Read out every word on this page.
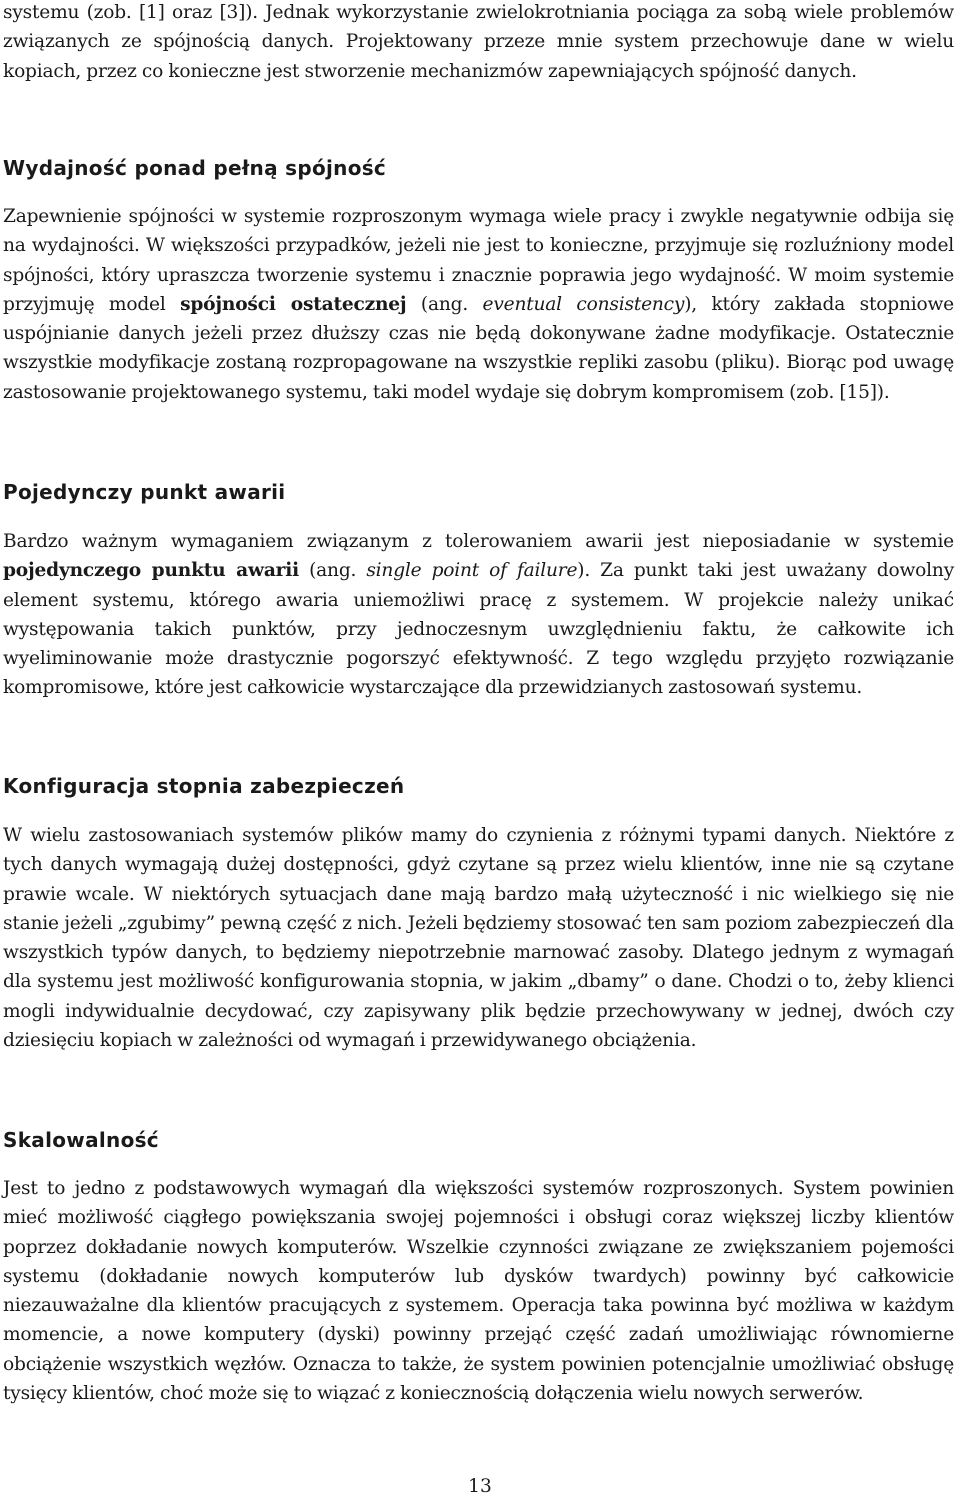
systemu (zob. [1] oraz [3]). Jednak wykorzystanie zwielokrotniania pociąga za sobą wiele problemów związanych ze spójnością danych. Projektowany przeze mnie system przechowuje dane w wielu kopiach, przez co konieczne jest stworzenie mechanizmów zapewniających spójność danych.

Wydajność ponad pełną spójność

Zapewnienie spójności w systemie rozproszonym wymaga wiele pracy i zwykle negatywnie odbija się na wydajności. W większości przypadków, jeżeli nie jest to konieczne, przyjmuje się rozluźniony model spójności, który upraszcza tworzenie systemu i znacznie poprawia jego wydajność. W moim systemie przyjmuję model spójności ostatecznej (ang. eventual consistency), który zakłada stopniowe uspójnianie danych jeżeli przez dłuższy czas nie będą dokonywane żadne modyfikacje. Ostatecznie wszystkie modyfikacje zostaną rozpropagowane na wszystkie repliki zasobu (pliku). Biorąc pod uwagę zastosowanie projektowanego systemu, taki model wydaje się dobrym kompromisem (zob. [15]).

Pojedynczy punkt awarii

Bardzo ważnym wymaganiem związanym z tolerowaniem awarii jest nieposiadanie w systemie pojedynczego punktu awarii (ang. single point of failure). Za punkt taki jest uważany dowolny element systemu, którego awaria uniemożliwi pracę z systemem. W projekcie należy unikać występowania takich punktów, przy jednoczesnym uwzględnieniu faktu, że całkowite ich wyeliminowanie może drastycznie pogorszyć efektywność. Z tego względu przyjęto rozwiązanie kompromisowe, które jest całkowicie wystarczające dla przewidzianych zastosowań systemu.

Konfiguracja stopnia zabezpieczeń

W wielu zastosowaniach systemów plików mamy do czynienia z różnymi typami danych. Niektóre z tych danych wymagają dużej dostępności, gdyż czytane są przez wielu klientów, inne nie są czytane prawie wcale. W niektórych sytuacjach dane mają bardzo małą użyteczność i nic wielkiego się nie stanie jeżeli „zgubimy” pewną część z nich. Jeżeli będziemy stosować ten sam poziom zabezpieczeń dla wszystkich typów danych, to będziemy niepotrzebnie marnować zasoby. Dlatego jednym z wymagań dla systemu jest możliwość konfigurowania stopnia, w jakim „dbamy” o dane. Chodzi o to, żeby klienci mogli indywidualnie decydować, czy zapisywany plik będzie przechowywany w jednej, dwóch czy dziesięciu kopiach w zależności od wymagań i przewidywanego obciążenia.

Skalowalność

Jest to jedno z podstawowych wymagań dla większości systemów rozproszonych. System powinien mieć możliwość ciągłego powiększania swojej pojemności i obsługi coraz większej liczby klientów poprzez dokładanie nowych komputerów. Wszelkie czynności związane ze zwiększaniem pojemości systemu (dokładanie nowych komputerów lub dysków twardych) powinny być całkowicie niezauważalne dla klientów pracujących z systemem. Operacja taka powinna być możliwa w każdym momencie, a nowe komputery (dyski) powinny przejąć część zadań umożliwiając równomierne obciążenie wszystkich węzłów. Oznacza to także, że system powinien potencjalnie umożliwiać obsługę tysięcy klientów, choć może się to wiązać z koniecznością dołączenia wielu nowych serwerów.

13
